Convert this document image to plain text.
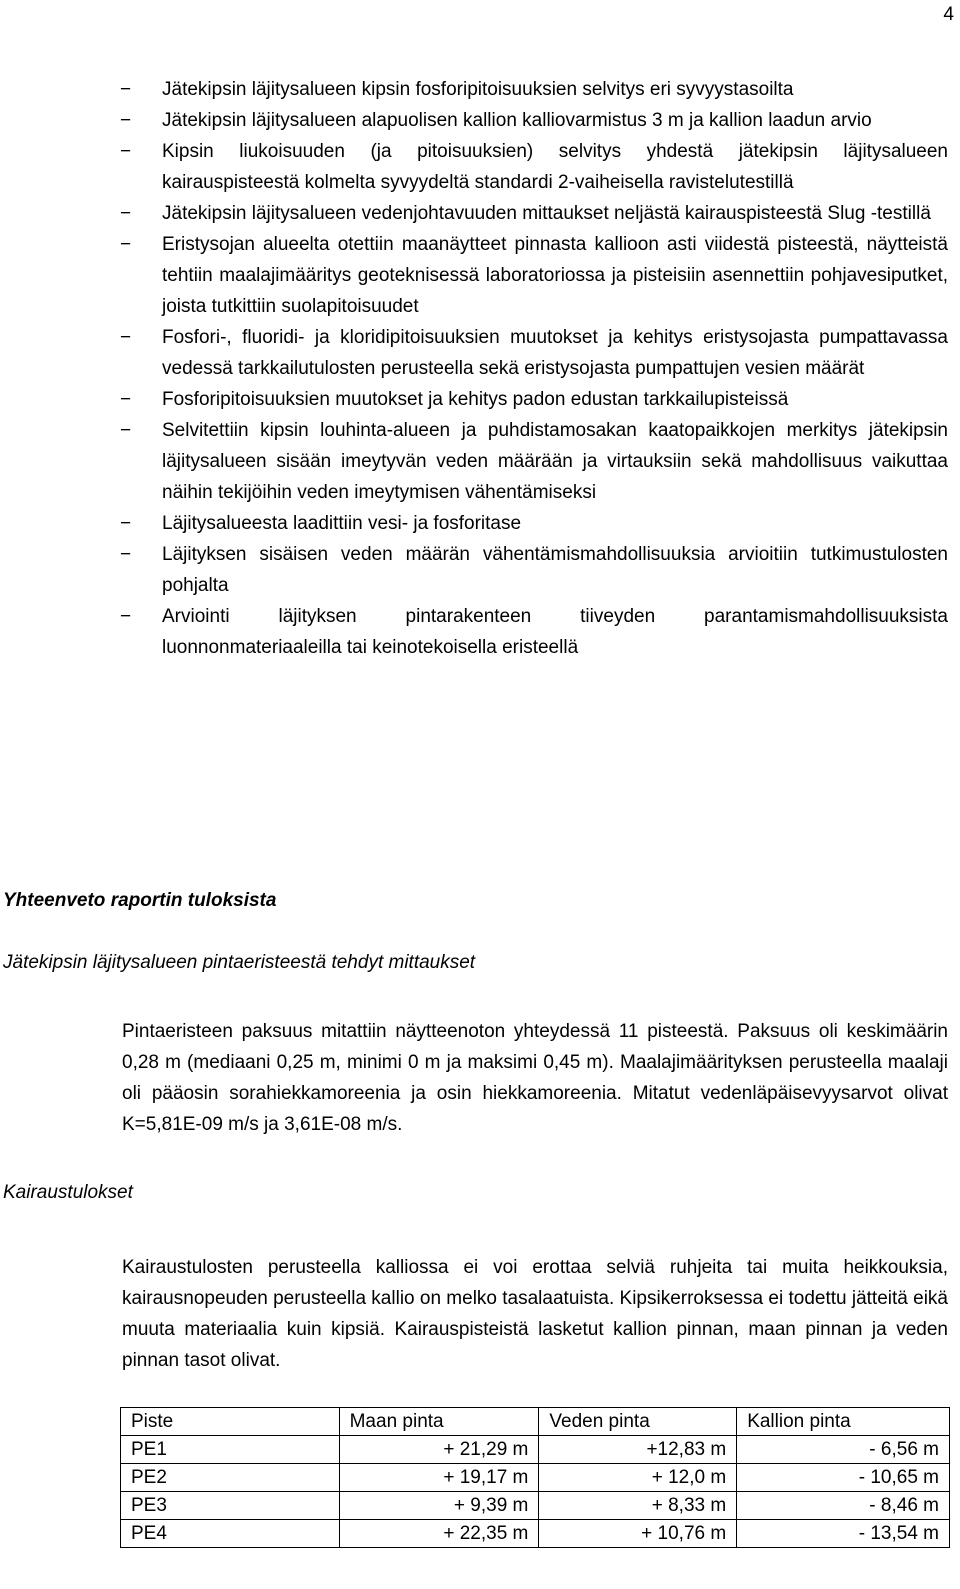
4
− Jätekipsin läjitysalueen kipsin fosforipitoisuuksien selvitys eri syvyystasoilta
− Jätekipsin läjitysalueen alapuolisen kallion kalliovarmistus 3 m ja kallion laadun arvio
− Kipsin liukoisuuden (ja pitoisuuksien) selvitys yhdestä jätekipsin läjitysalueen kairauspisteestä kolmelta syvyydeltä standardi 2-vaiheisella ravistelutestillä
− Jätekipsin läjitysalueen vedenjohtavuuden mittaukset neljästä kairauspisteestä Slug -testillä
− Eristysojan alueelta otettiin maanäytteet pinnasta kallioon asti viidestä pisteestä, näytteistä tehtiin maalajimääritys geoteknisessä laboratoriossa ja pisteisiin asennettiin pohjavesiputket, joista tutkittiin suolapitoisuudet
− Fosfori-, fluoridi- ja kloridipitoisuuksien muutokset ja kehitys eristysojasta pumpattavassa vedessä tarkkailutulosten perusteella sekä eristysojasta pumpattujen vesien määrät
− Fosforipitoisuuksien muutokset ja kehitys padon edustan tarkkailupisteissä
− Selvitettiin kipsin louhinta-alueen ja puhdistamosakan kaatopaikkojen merkitys jätekipsin läjitysalueen sisään imeytyvän veden määrään ja virtauksiin sekä mahdollisuus vaikuttaa näihin tekijöihin veden imeytymisen vähentämiseksi
− Läjitysalueesta laadittiin vesi- ja fosforitase
− Läjityksen sisäisen veden määrän vähentämismahdollisuuksia arvioitiin tutkimustulosten pohjalta
− Arviointi läjityksen pintarakenteen tiiveyden parantamismahdollisuuksista luonnonmateriaaleilla tai keinotekoisella eristeellä
Yhteenveto raportin tuloksista
Jätekipsin läjitysalueen pintaeristeestä tehdyt mittaukset

Pintaeristeen paksuus mitattiin näytteenoton yhteydessä 11 pisteestä. Paksuus oli keskimäärin 0,28 m (mediaani 0,25 m, minimi 0 m ja maksimi 0,45 m). Maalajimäärityksen perusteella maalaji oli pääosin sorahiekkamoreenia ja osin hiekkamoreenia. Mitatut vedenläpäisevyysarvot olivat K=5,81E-09 m/s ja 3,61E-08 m/s.

Kairaustulokset

Kairaustulosten perusteella kalliossa ei voi erottaa selviä ruhjeita tai muita heikkouksia, kairausnopeuden perusteella kallio on melko tasalaatuista. Kipsikerroksessa ei todettu jätteitä eikä muuta materiaalia kuin kipsiä. Kairauspisteistä lasketut kallion pinnan, maan pinnan ja veden pinnan tasot olivat.

Piste	Maan pinta	Veden pinta	Kallion pinta
PE1	+ 21,29 m	+12,83 m	- 6,56 m
PE2	+ 19,17 m	+ 12,0 m	- 10,65 m
PE3	+ 9,39 m	+ 8,33 m	- 8,46 m
PE4	+ 22,35 m	+ 10,76 m	- 13,54 m
